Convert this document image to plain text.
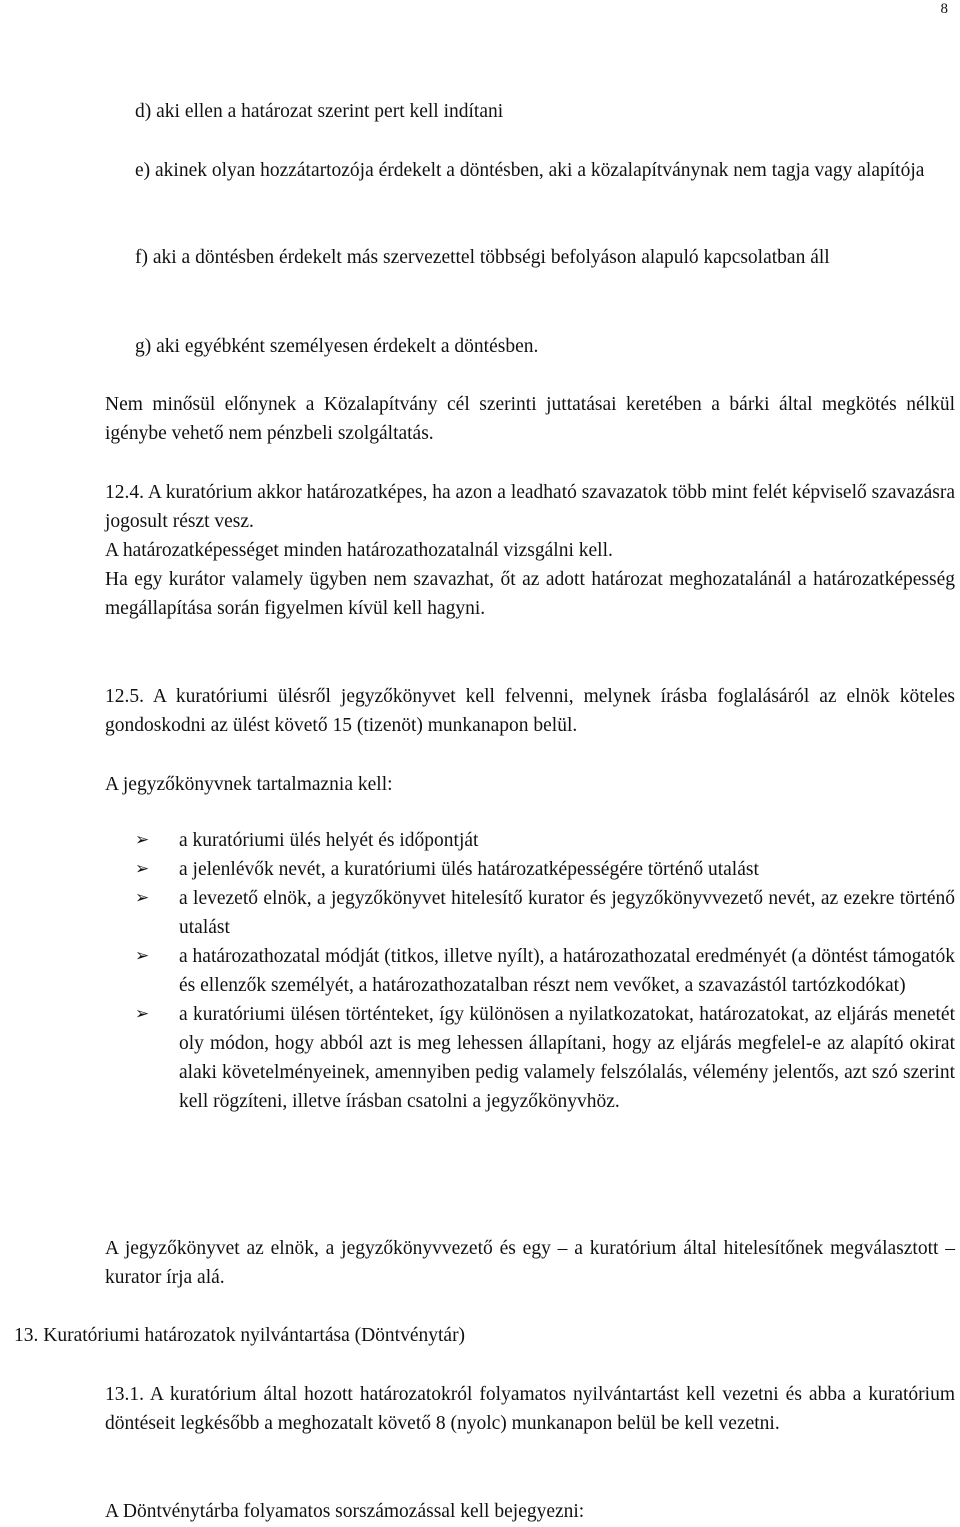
8
d) aki ellen a határozat szerint pert kell indítani
e) akinek olyan hozzátartozója érdekelt a döntésben, aki a közalapítványnak nem tagja vagy alapítója
f) aki a döntésben érdekelt más szervezettel többségi befolyáson alapuló kapcsolatban áll
g) aki egyébként személyesen érdekelt a döntésben.
Nem minősül előnynek a Közalapítvány cél szerinti juttatásai keretében a bárki által megkötés nélkül igénybe vehető nem pénzbeli szolgáltatás.
12.4. A kuratórium akkor határozatképes, ha azon a leadható szavazatok több mint felét képviselő szavazásra jogosult részt vesz.
A határozatképességet minden határozathozatalnál vizsgálni kell.
Ha egy kurátor valamely ügyben nem szavazhat, őt az adott határozat meghozatalánál a határozatképesség megállapítása során figyelmen kívül kell hagyni.
12.5. A kuratóriumi ülésről jegyzőkönyvet kell felvenni, melynek írásba foglalásáról az elnök köteles gondoskodni az ülést követő 15 (tizenöt) munkanapon belül.
A jegyzőkönyvnek tartalmaznia kell:
➢ a kuratóriumi ülés helyét és időpontját
➢ a jelenlévők nevét, a kuratóriumi ülés határozatképességére történő utalást
➢ a levezető elnök, a jegyzőkönyvet hitelesítő kurator és jegyzőkönyvvezető nevét, az ezekre történő utalást
➢ a határozathozatal módját (titkos, illetve nyílt), a határozathozatal eredményét (a döntést támogatók és ellenzők személyét, a határozathozatalban részt nem vevőket, a szavazástól tartózkodókat)
➢ a kuratóriumi ülésen történteket, így különösen a nyilatkozatokat, határozatokat, az eljárás menetét oly módon, hogy abból azt is meg lehessen állapítani, hogy az eljárás megfelel-e az alapító okirat alaki követelményeinek, amennyiben pedig valamely felszólalás, vélemény jelentős, azt szó szerint kell rögzíteni, illetve írásban csatolni a jegyzőkönyvhöz.
A jegyzőkönyvet az elnök, a jegyzőkönyvvezető és egy – a kuratórium által hitelesítőnek megválasztott – kurator írja alá.
13. Kuratóriumi határozatok nyilvántartása (Döntvénytár)
13.1. A kuratórium által hozott határozatokról folyamatos nyilvántartást kell vezetni és abba a kuratórium döntéseit legkésőbb a meghozatalt követő 8 (nyolc) munkanapon belül be kell vezetni.
A Döntvénytárba folyamatos sorszámozással kell bejegyezni:
